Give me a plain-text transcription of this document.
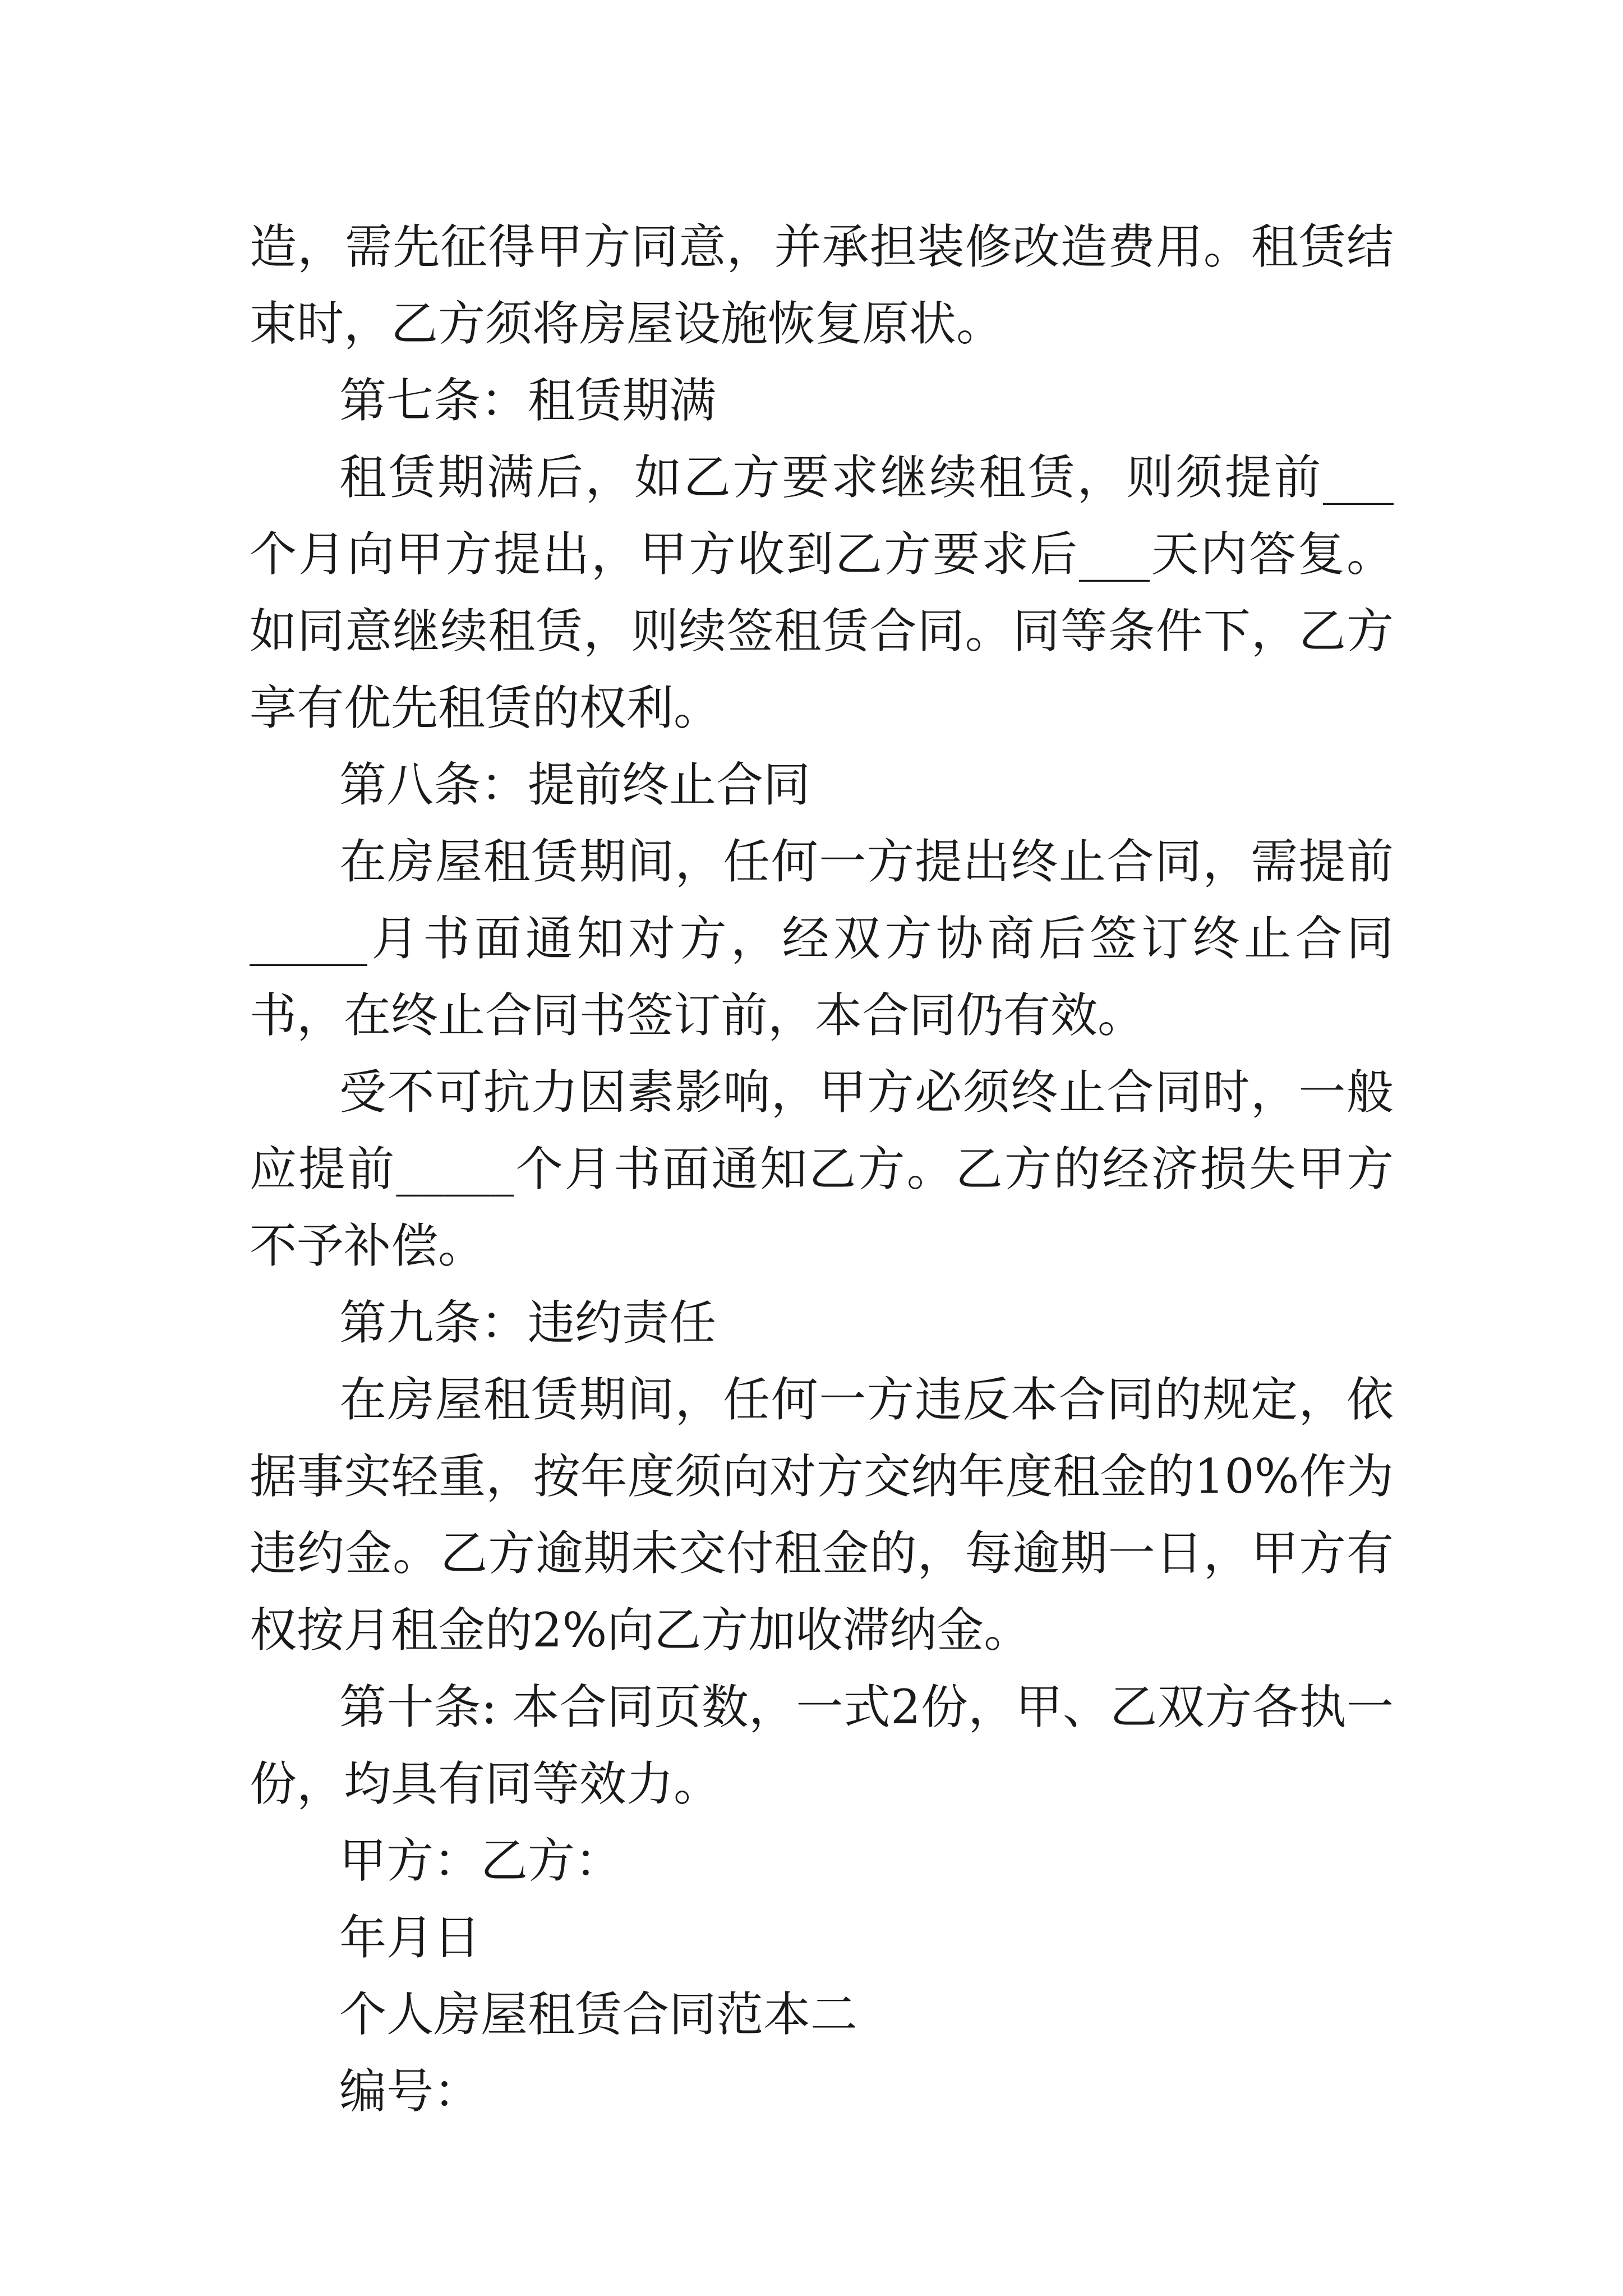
造，需先征得甲方同意，并承担装修改造费用。租赁结束时，乙方须将房屋设施恢复原状。

第七条：租赁期满

租赁期满后，如乙方要求继续租赁，则须提前___个月向甲方提出，甲方收到乙方要求后___天内答复。如同意继续租赁，则续签租赁合同。同等条件下，乙方享有优先租赁的权利。

第八条：提前终止合同

在房屋租赁期间，任何一方提出终止合同，需提前_____月书面通知对方，经双方协商后签订终止合同书，在终止合同书签订前，本合同仍有效。

受不可抗力因素影响，甲方必须终止合同时，一般应提前_____个月书面通知乙方。乙方的经济损失甲方不予补偿。

第九条：违约责任

在房屋租赁期间，任何一方违反本合同的规定，依据事实轻重，按年度须向对方交纳年度租金的10%作为违约金。乙方逾期未交付租金的，每逾期一日，甲方有权按月租金的2%向乙方加收滞纳金。

第十条: 本合同页数，一式2份，甲、乙双方各执一份，均具有同等效力。

甲方：乙方：

年月日

个人房屋租赁合同范本二

编号：
